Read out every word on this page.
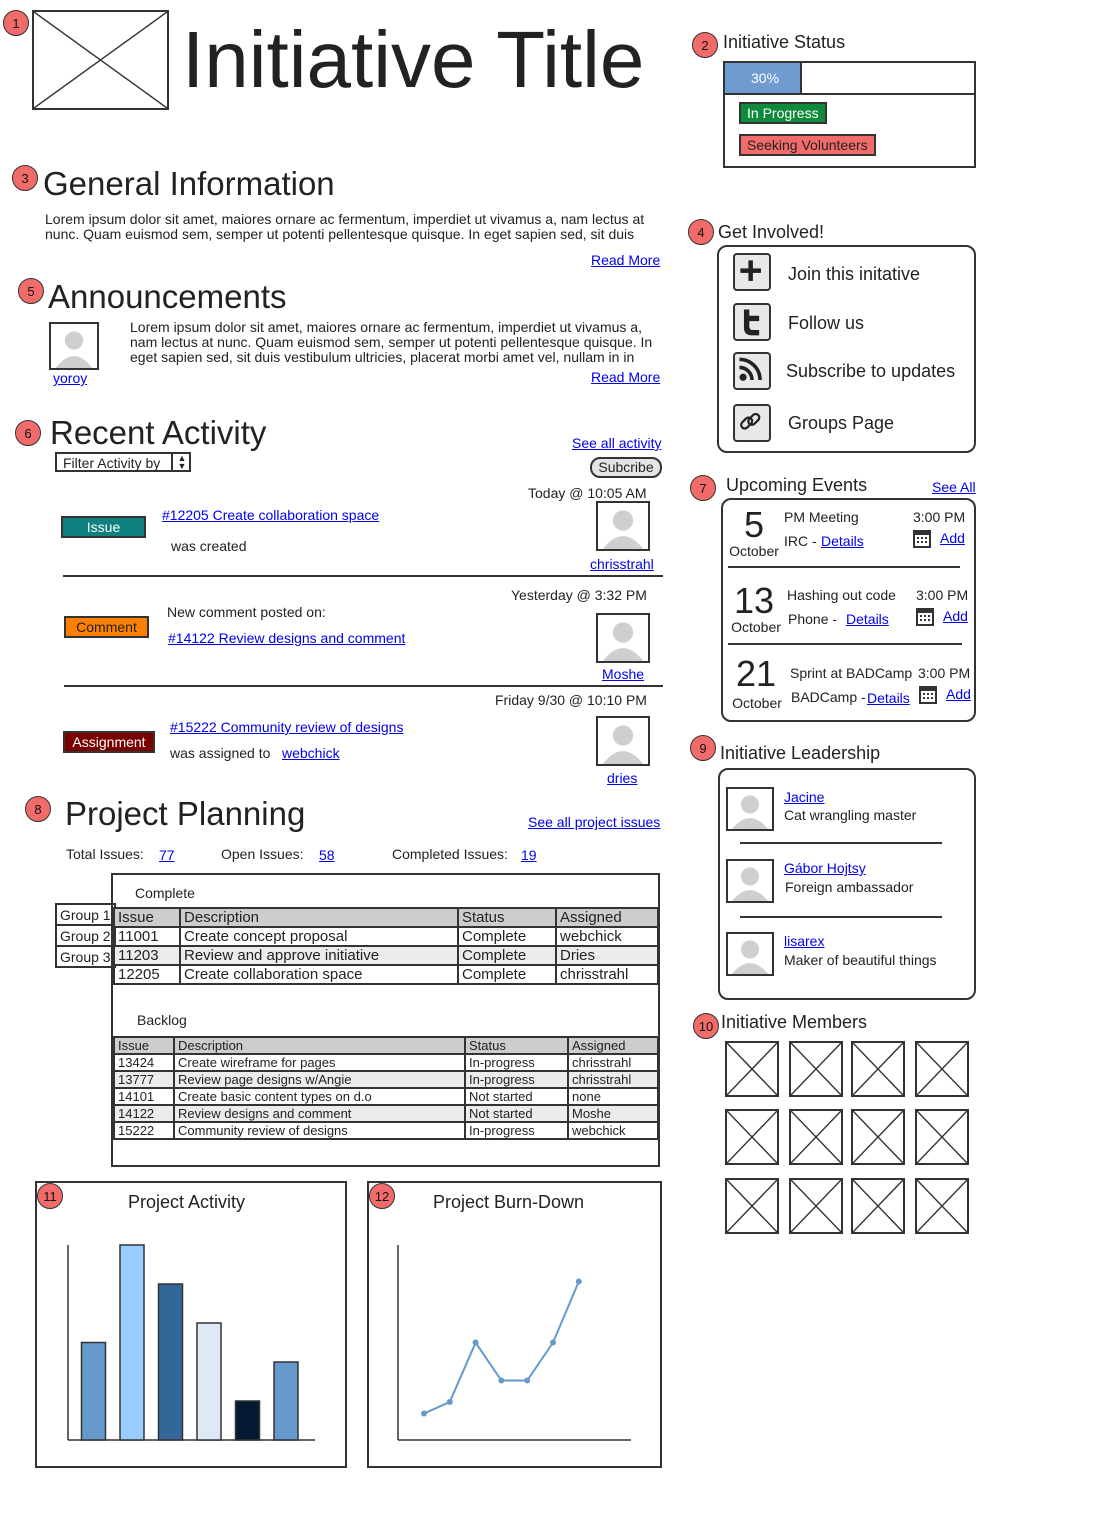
1 Initiative Title	2 Initiative Status
30%
In Progress
Seeking Volunteers
3 General Information
Lorem ipsum dolor sit amet, maiores ornare ac fermentum, imperdiet ut vivamus a, nam lectus at nunc. Quam euismod sem, semper ut potenti pellentesque quisque. In eget sapien sed, sit duis
Read More
5 Announcements
yoroy
Lorem ipsum dolor sit amet, maiores ornare ac fermentum, imperdiet ut vivamus a, nam lectus at nunc. Quam euismod sem, semper ut potenti pellentesque quisque. In eget sapien sed, sit duis vestibulum ultricies, placerat morbi amet vel, nullam in in
Read More
4 Get Involved!
Join this initative
Follow us
Subscribe to updates
Groups Page
6 Recent Activity	See all activity
Filter Activity by	▲
▼	Subcribe
Today @ 10:05 AM
Issue
#12205 Create collaboration space
was created
chrisstrahl
Yesterday @ 3:32 PM
Comment
New comment posted on:
#14122 Review designs and comment
Moshe
Friday 9/30 @ 10:10 PM
Assignment
#15222 Community review of designs
was assigned to webchick
dries
7	Upcoming Events	See All
5
October
PM Meeting
IRC - Details
3:00 PM
Add
13
October
Hashing out code
Phone - Details
3:00 PM
Add
21
October
Sprint at BADCamp
BADCamp - Details
3:00 PM
Add
9 Initiative Leadership
Jacine
Cat wrangling master
Gábor Hojtsy
Foreign ambassador
lisarex
Maker of beautiful things
10 Initiative Members
8 Project Planning	See all project issues
Total Issues: 77	Open Issues: 58	Completed Issues: 19
Group 1
Group 2
Group 3
Complete
Issue	Description	Status	Assigned
11001	Create concept proposal	Complete	webchick
11203	Review and approve initiative	Complete	Dries
12205	Create collaboration space	Complete	chrisstrahl
Backlog
Issue	Description	Status	Assigned
13424	Create wireframe for pages	In-progress	chrisstrahl
13777	Review page designs w/Angie	In-progress	chrisstrahl
14101	Create basic content types on d.o	Not started	none
14122	Review designs and comment	Not started	Moshe
15222	Community review of designs	In-progress	webchick
11	Project Activity	12	Project Burn-Down
